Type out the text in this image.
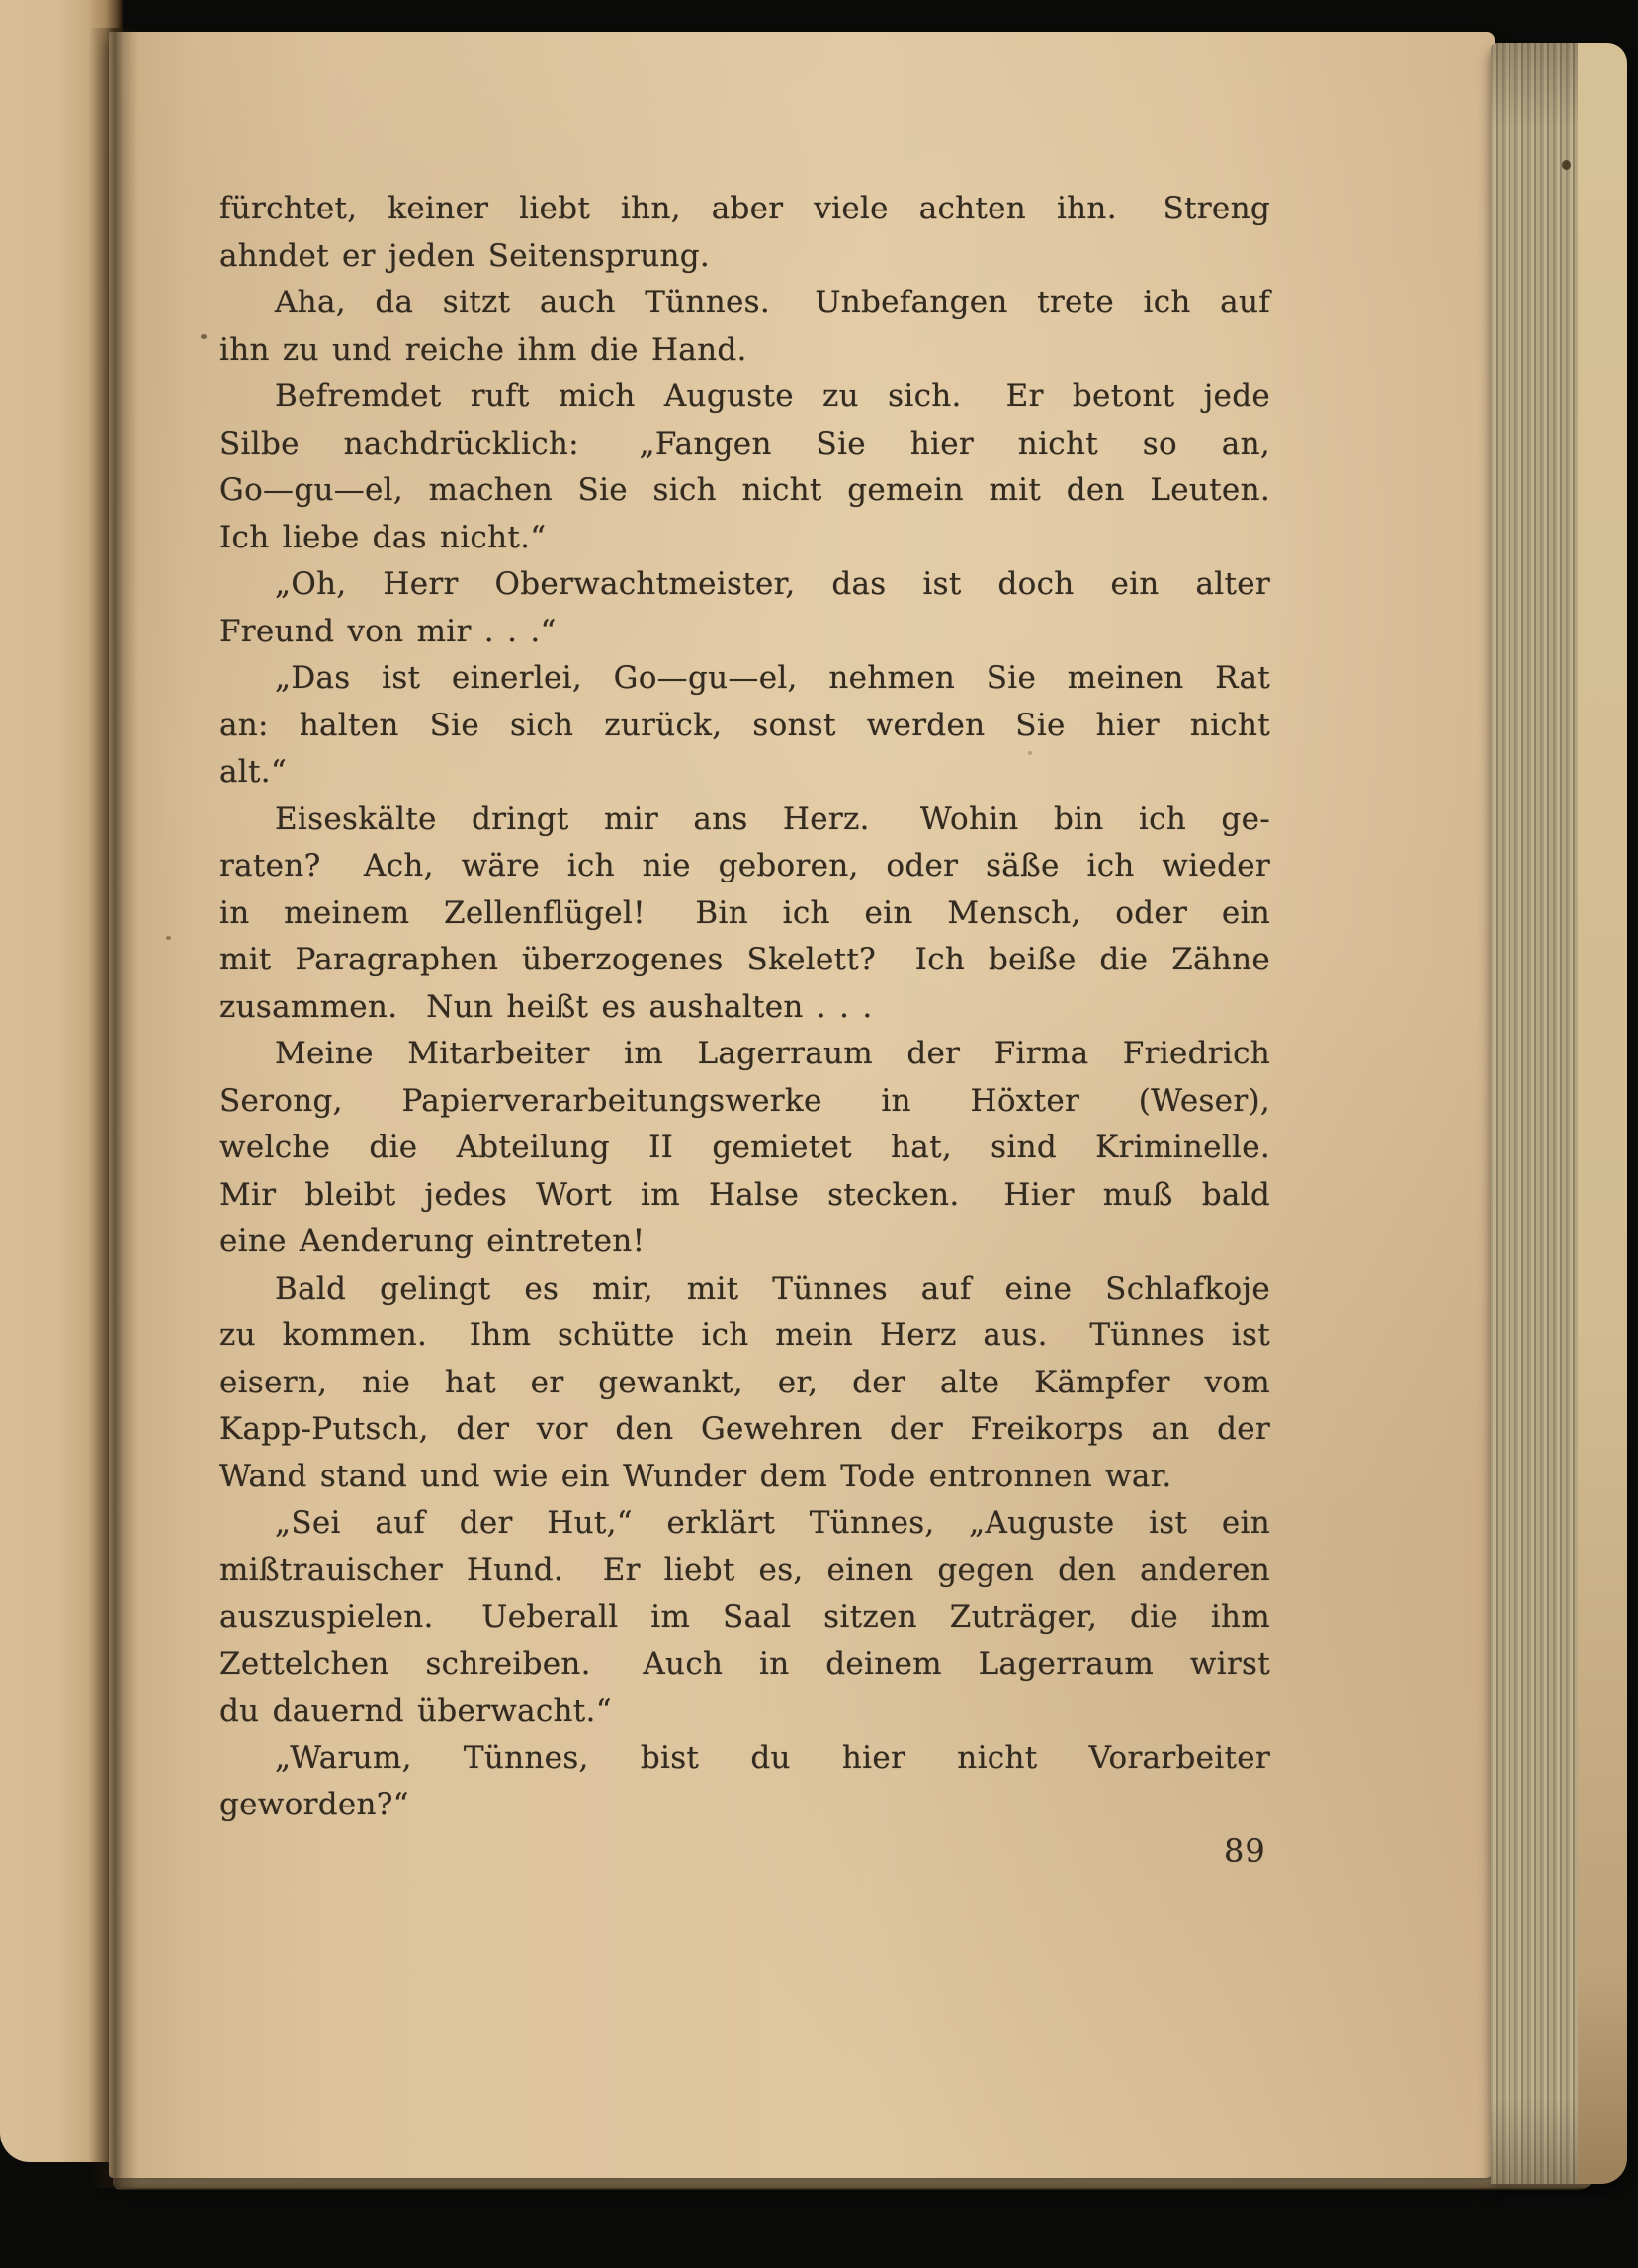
fürchtet, keiner liebt ihn, aber viele achten ihn.  Streng
ahndet er jeden Seitensprung.
Aha, da sitzt auch Tünnes.  Unbefangen trete ich auf
ihn zu und reiche ihm die Hand.
Befremdet ruft mich Auguste zu sich.  Er betont jede
Silbe nachdrücklich:  „Fangen Sie hier nicht so an,
Go—gu—el, machen Sie sich nicht gemein mit den Leuten.
Ich liebe das nicht.“
„Oh, Herr Oberwachtmeister, das ist doch ein alter
Freund von mir . . .“
„Das ist einerlei, Go—gu—el, nehmen Sie meinen Rat
an: halten Sie sich zurück, sonst werden Sie hier nicht
alt.“
Eiseskälte dringt mir ans Herz.  Wohin bin ich ge-
raten?  Ach, wäre ich nie geboren, oder säße ich wieder
in meinem Zellenflügel!  Bin ich ein Mensch, oder ein
mit Paragraphen überzogenes Skelett?  Ich beiße die Zähne
zusammen.  Nun heißt es aushalten . . .
Meine Mitarbeiter im Lagerraum der Firma Friedrich
Serong, Papierverarbeitungswerke in Höxter (Weser),
welche die Abteilung II gemietet hat, sind Kriminelle.
Mir bleibt jedes Wort im Halse stecken.  Hier muß bald
eine Aenderung eintreten!
Bald gelingt es mir, mit Tünnes auf eine Schlafkoje
zu kommen.  Ihm schütte ich mein Herz aus.  Tünnes ist
eisern, nie hat er gewankt, er, der alte Kämpfer vom
Kapp-Putsch, der vor den Gewehren der Freikorps an der
Wand stand und wie ein Wunder dem Tode entronnen war.
„Sei auf der Hut,“ erklärt Tünnes, „Auguste ist ein
mißtrauischer Hund.  Er liebt es, einen gegen den anderen
auszuspielen.  Ueberall im Saal sitzen Zuträger, die ihm
Zettelchen schreiben.  Auch in deinem Lagerraum wirst
du dauernd überwacht.“
„Warum, Tünnes, bist du hier nicht Vorarbeiter
geworden?“
89
